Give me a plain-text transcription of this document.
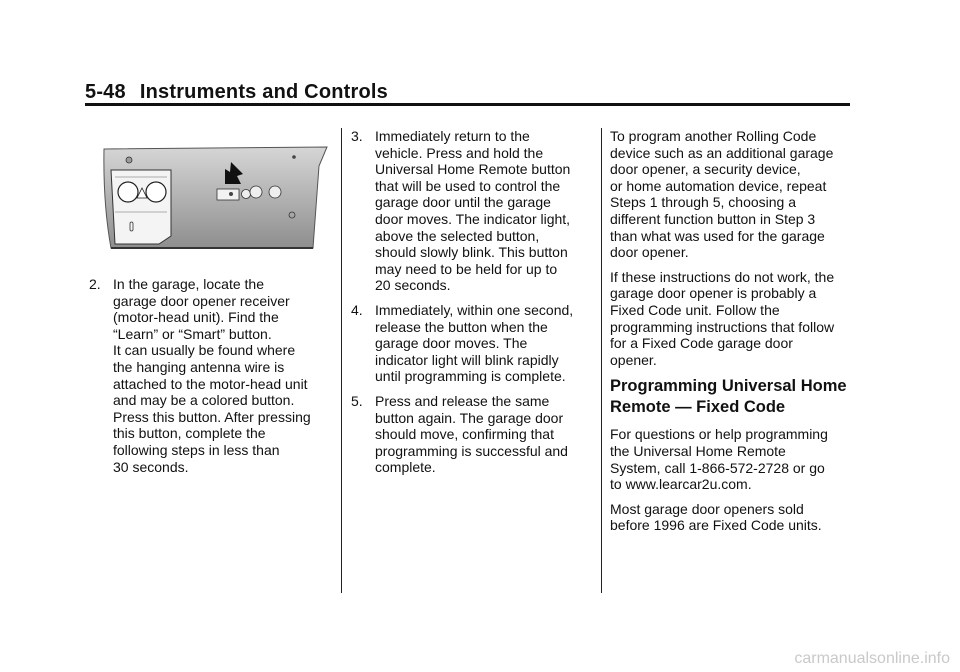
5-48 Instruments and Controls
2. In the garage, locate the
garage door opener receiver
(motor-head unit). Find the
“Learn” or “Smart” button.
It can usually be found where
the hanging antenna wire is
attached to the motor-head unit
and may be a colored button.
Press this button. After pressing
this button, complete the
following steps in less than
30 seconds.
3. Immediately return to the
vehicle. Press and hold the
Universal Home Remote button
that will be used to control the
garage door until the garage
door moves. The indicator light,
above the selected button,
should slowly blink. This button
may need to be held for up to
20 seconds.
4. Immediately, within one second,
release the button when the
garage door moves. The
indicator light will blink rapidly
until programming is complete.
5. Press and release the same
button again. The garage door
should move, confirming that
programming is successful and
complete.

To program another Rolling Code
device such as an additional garage
door opener, a security device,
or home automation device, repeat
Steps 1 through 5, choosing a
different function button in Step 3
than what was used for the garage
door opener.

If these instructions do not work, the
garage door opener is probably a
Fixed Code unit. Follow the
programming instructions that follow
for a Fixed Code garage door
opener.

Programming Universal Home
Remote — Fixed Code

For questions or help programming
the Universal Home Remote
System, call 1-866-572-2728 or go
to www.learcar2u.com.

Most garage door openers sold
before 1996 are Fixed Code units.

carmanualsonline.info
